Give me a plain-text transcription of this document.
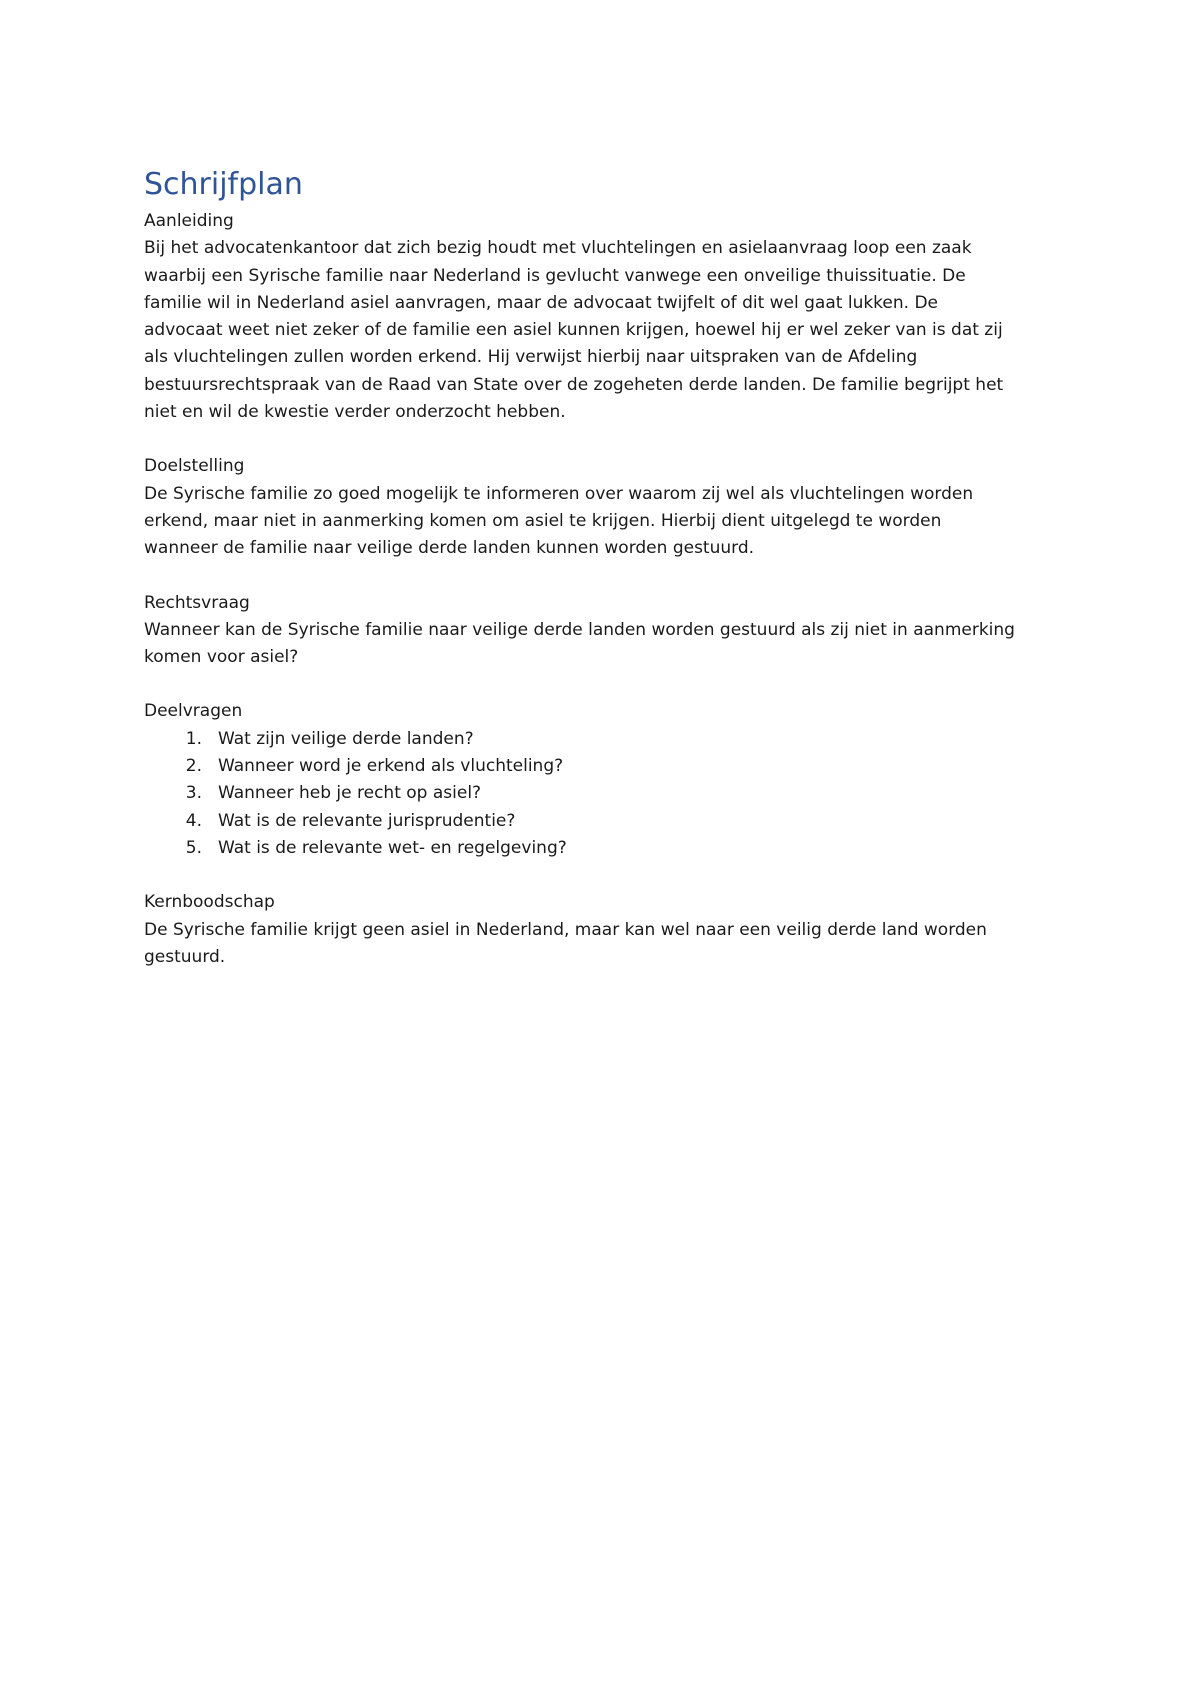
Schrijfplan

Aanleiding

Bij het advocatenkantoor dat zich bezig houdt met vluchtelingen en asielaanvraag loop een zaak
waarbij een Syrische familie naar Nederland is gevlucht vanwege een onveilige thuissituatie. De
familie wil in Nederland asiel aanvragen, maar de advocaat twijfelt of dit wel gaat lukken. De
advocaat weet niet zeker of de familie een asiel kunnen krijgen, hoewel hij er wel zeker van is dat zij
als vluchtelingen zullen worden erkend. Hij verwijst hierbij naar uitspraken van de Afdeling
bestuursrechtspraak van de Raad van State over de zogeheten derde landen. De familie begrijpt het
niet en wil de kwestie verder onderzocht hebben.

Doelstelling

De Syrische familie zo goed mogelijk te informeren over waarom zij wel als vluchtelingen worden
erkend, maar niet in aanmerking komen om asiel te krijgen. Hierbij dient uitgelegd te worden
wanneer de familie naar veilige derde landen kunnen worden gestuurd.

Rechtsvraag

Wanneer kan de Syrische familie naar veilige derde landen worden gestuurd als zij niet in aanmerking
komen voor asiel?

Deelvragen

1. Wat zijn veilige derde landen?
2. Wanneer word je erkend als vluchteling?
3. Wanneer heb je recht op asiel?
4. Wat is de relevante jurisprudentie?
5. Wat is de relevante wet- en regelgeving?

Kernboodschap

De Syrische familie krijgt geen asiel in Nederland, maar kan wel naar een veilig derde land worden
gestuurd.
